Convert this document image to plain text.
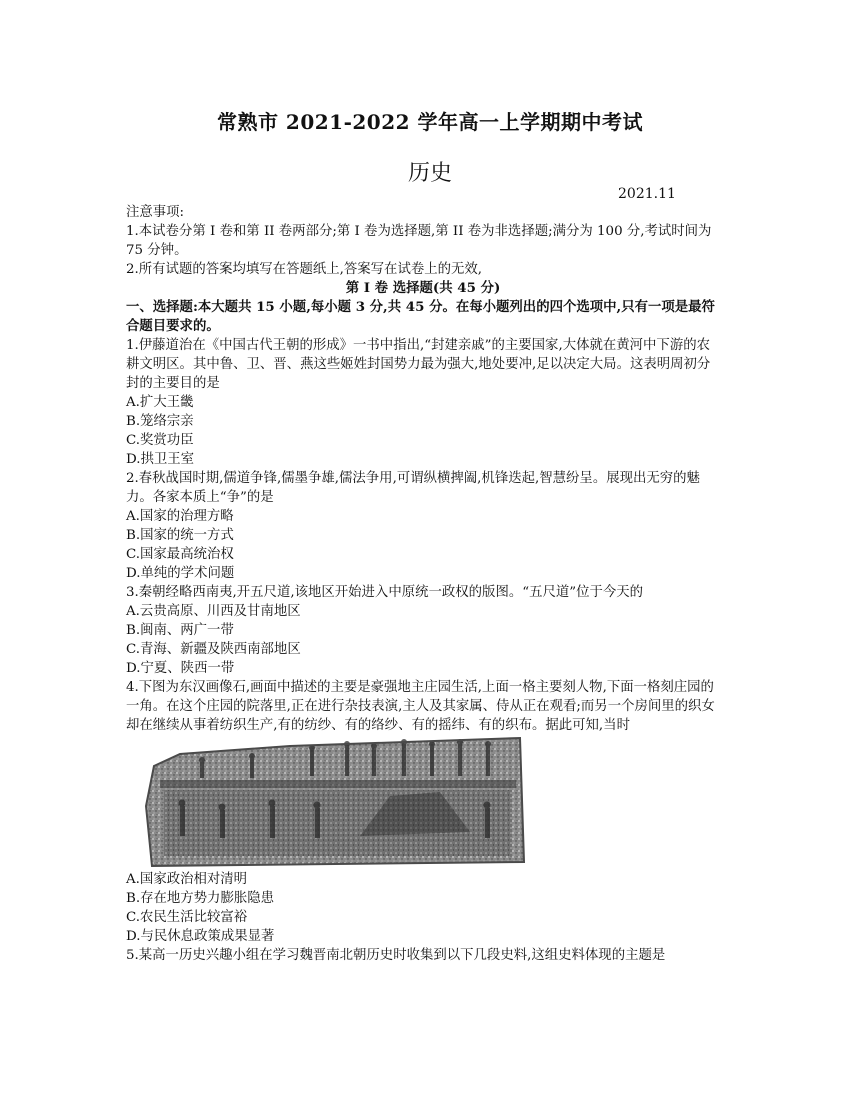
常熟市 2021-2022 学年高一上学期期中考试
历史
2021.11
注意事项:
1.本试卷分第 I 卷和第 II 卷两部分;第 I 卷为选择题,第 II 卷为非选择题;满分为 100 分,考试时间为 75 分钟。
2.所有试题的答案均填写在答题纸上,答案写在试卷上的无效,
第 I 卷 选择题(共 45 分)
一、选择题:本大题共 15 小题,每小题 3 分,共 45 分。在每小题列出的四个选项中,只有一项是最符合题目要求的。
1.伊藤道治在《中国古代王朝的形成》一书中指出,“封建亲戚”的主要国家,大体就在黄河中下游的农耕文明区。其中鲁、卫、晋、燕这些姬姓封国势力最为强大,地处要冲,足以决定大局。这表明周初分封的主要目的是
A.扩大王畿
B.笼络宗亲
C.奖赏功臣
D.拱卫王室
2.春秋战国时期,儒道争锋,儒墨争雄,儒法争用,可谓纵横捭阖,机锋迭起,智慧纷呈。展现出无穷的魅力。各家本质上“争”的是
A.国家的治理方略
B.国家的统一方式
C.国家最高统治权
D.单纯的学术问题
3.秦朝经略西南夷,开五尺道,该地区开始进入中原统一政权的版图。“五尺道”位于今天的
A.云贵高原、川西及甘南地区
B.闽南、两广一带
C.青海、新疆及陕西南部地区
D.宁夏、陕西一带
4.下图为东汉画像石,画面中描述的主要是豪强地主庄园生活,上面一格主要刻人物,下面一格刻庄园的一角。在这个庄园的院落里,正在进行杂技表演,主人及其家属、侍从正在观看;而另一个房间里的织女却在继续从事着纺织生产,有的纺纱、有的络纱、有的摇纬、有的织布。据此可知,当时
A.国家政治相对清明
B.存在地方势力膨胀隐患
C.农民生活比较富裕
D.与民休息政策成果显著
5.某高一历史兴趣小组在学习魏晋南北朝历史时收集到以下几段史料,这组史料体现的主题是
